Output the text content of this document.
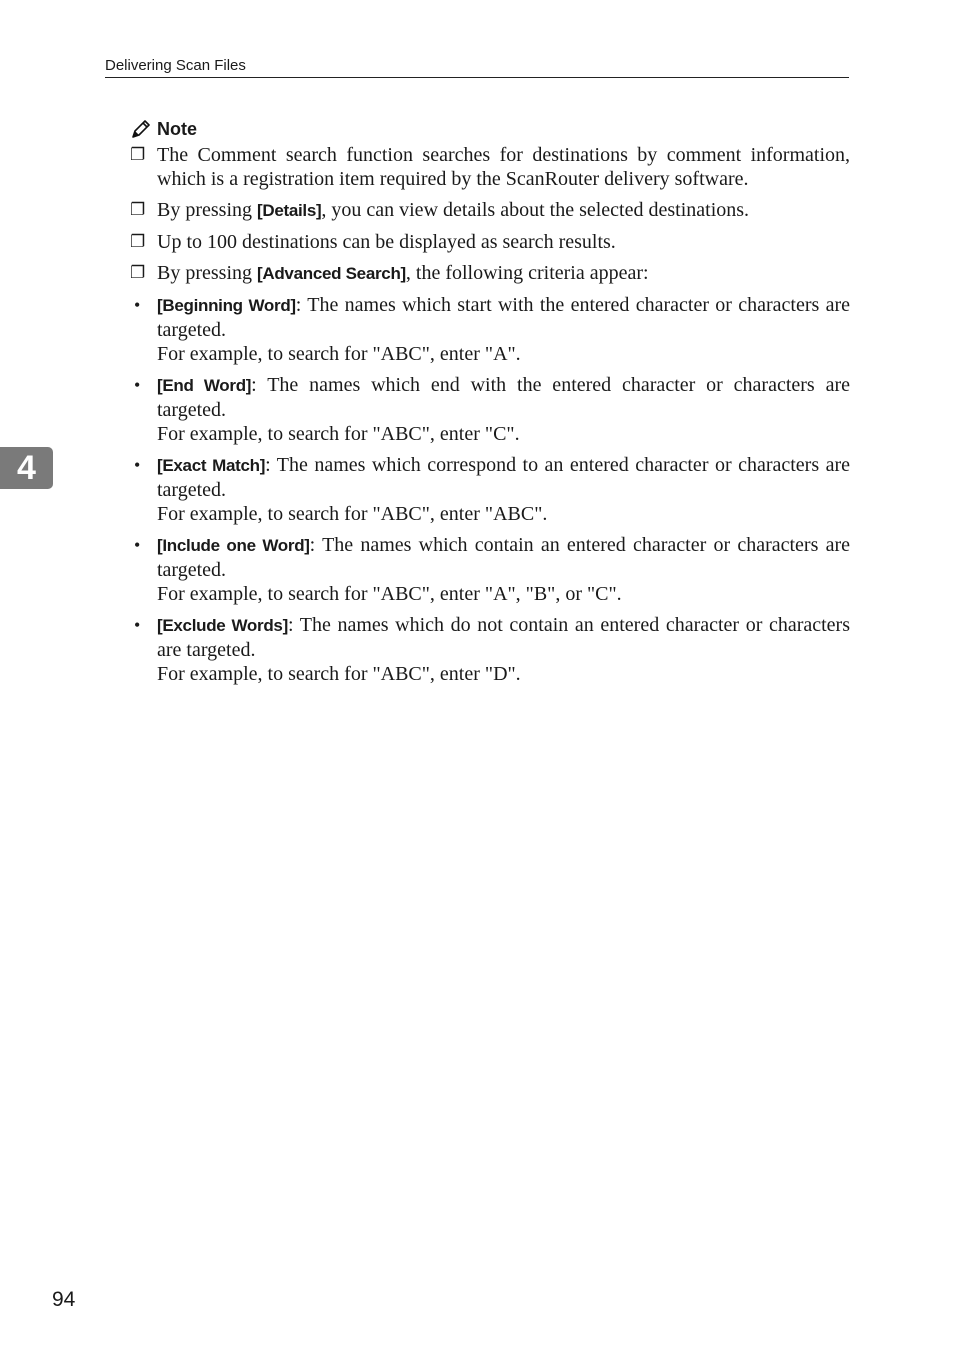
Delivering Scan Files
4
Note
❐ The Comment search function searches for destinations by comment information, which is a registration item required by the ScanRouter delivery software.
❐ By pressing [Details], you can view details about the selected destinations.
❐ Up to 100 destinations can be displayed as search results.
❐ By pressing [Advanced Search], the following criteria appear:
• [Beginning Word]: The names which start with the entered character or characters are targeted.
For example, to search for "ABC", enter "A".
• [End Word]: The names which end with the entered character or characters are targeted.
For example, to search for "ABC", enter "C".
• [Exact Match]: The names which correspond to an entered character or characters are targeted.
For example, to search for "ABC", enter "ABC".
• [Include one Word]: The names which contain an entered character or characters are targeted.
For example, to search for "ABC", enter "A", "B", or "C".
• [Exclude Words]: The names which do not contain an entered character or characters are targeted.
For example, to search for "ABC", enter "D".
94
